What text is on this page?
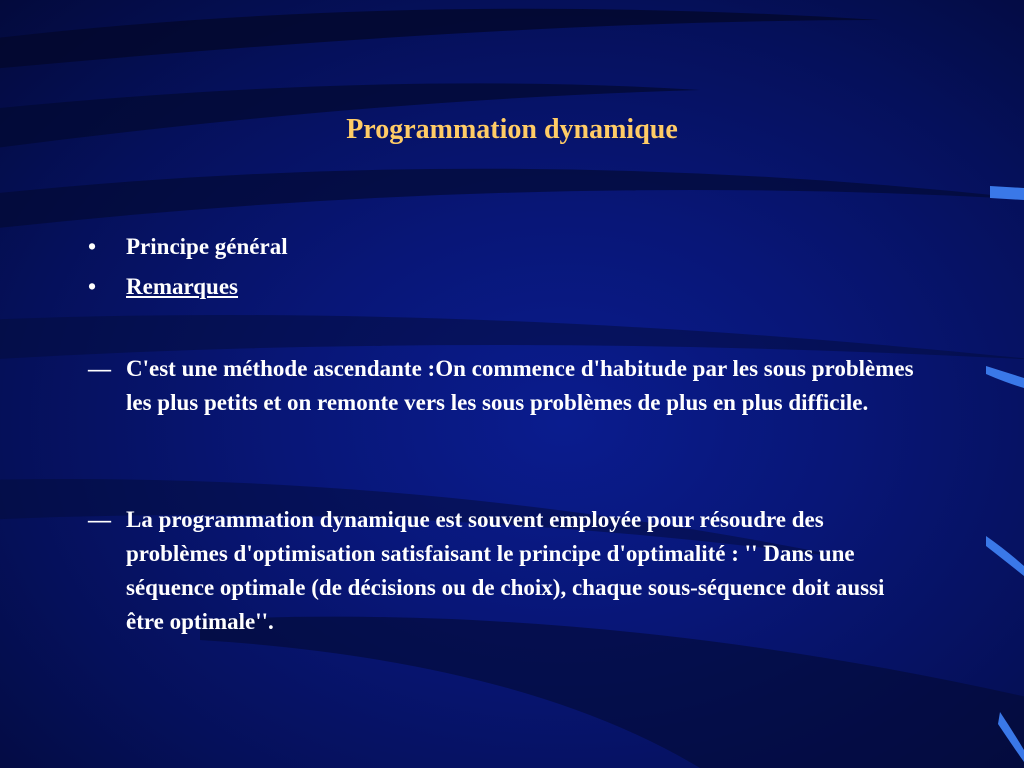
Programmation dynamique
• Principe général
• Remarques
— C'est une méthode ascendante :On commence d'habitude par les sous problèmes les plus petits et on remonte vers les sous problèmes de plus en plus difficile.
— La programmation dynamique est souvent employée pour résoudre des problèmes d'optimisation satisfaisant le principe d'optimalité : '' Dans une séquence optimale (de décisions ou de choix), chaque sous-séquence doit aussi être optimale''.
